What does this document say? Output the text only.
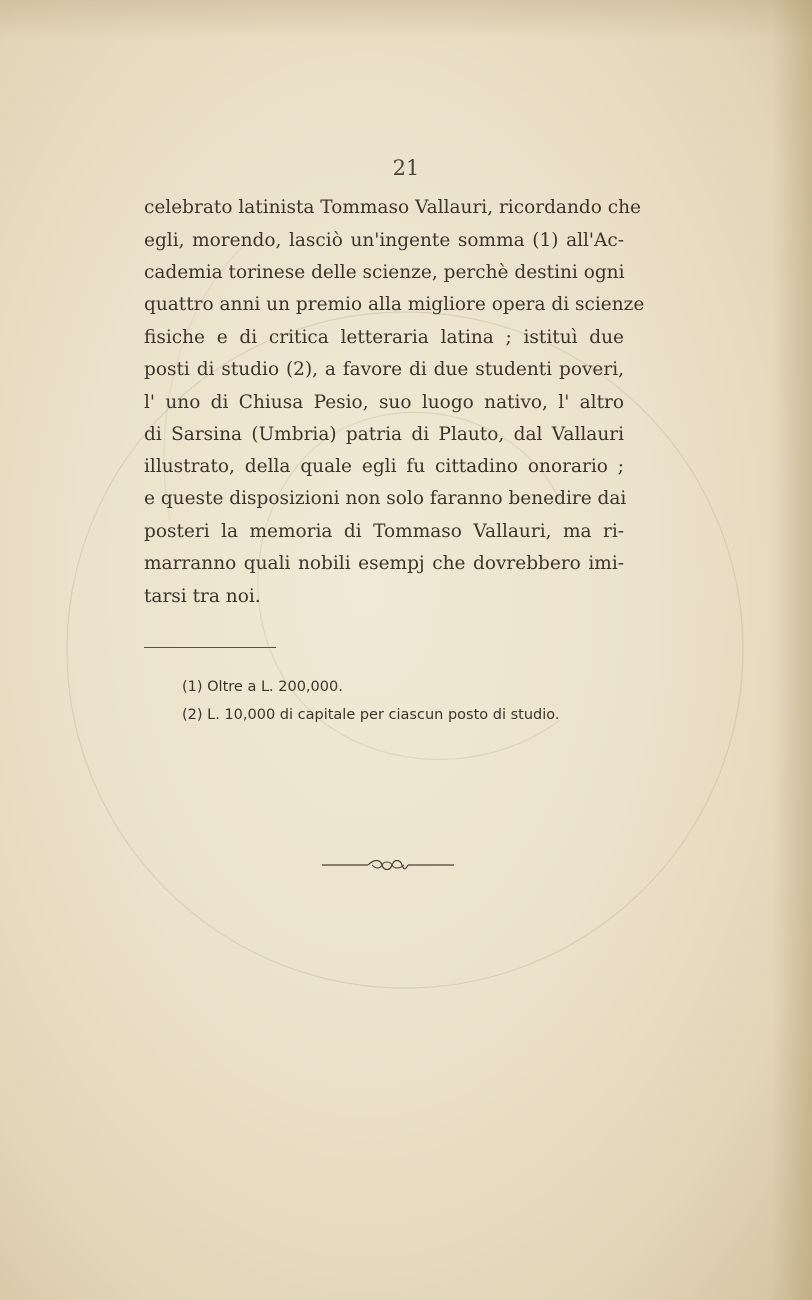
21
celebrato latinista Tommaso Vallauri, ricordando che
egli, morendo, lasciò un'ingente somma (1) all'Ac-
cademia torinese delle scienze, perchè destini ogni
quattro anni un premio alla migliore opera di scienze
fisiche e di critica letteraria latina ; istituì due
posti di studio (2), a favore di due studenti poveri,
l' uno di Chiusa Pesio, suo luogo nativo, l' altro
di Sarsina (Umbria) patria di Plauto, dal Vallauri
illustrato, della quale egli fu cittadino onorario ;
e queste disposizioni non solo faranno benedire dai
posteri la memoria di Tommaso Vallauri, ma ri-
marranno quali nobili esempj che dovrebbero imi-
tarsi tra noi.
(1) Oltre a L. 200,000.
(2) L. 10,000 di capitale per ciascun posto di studio.
